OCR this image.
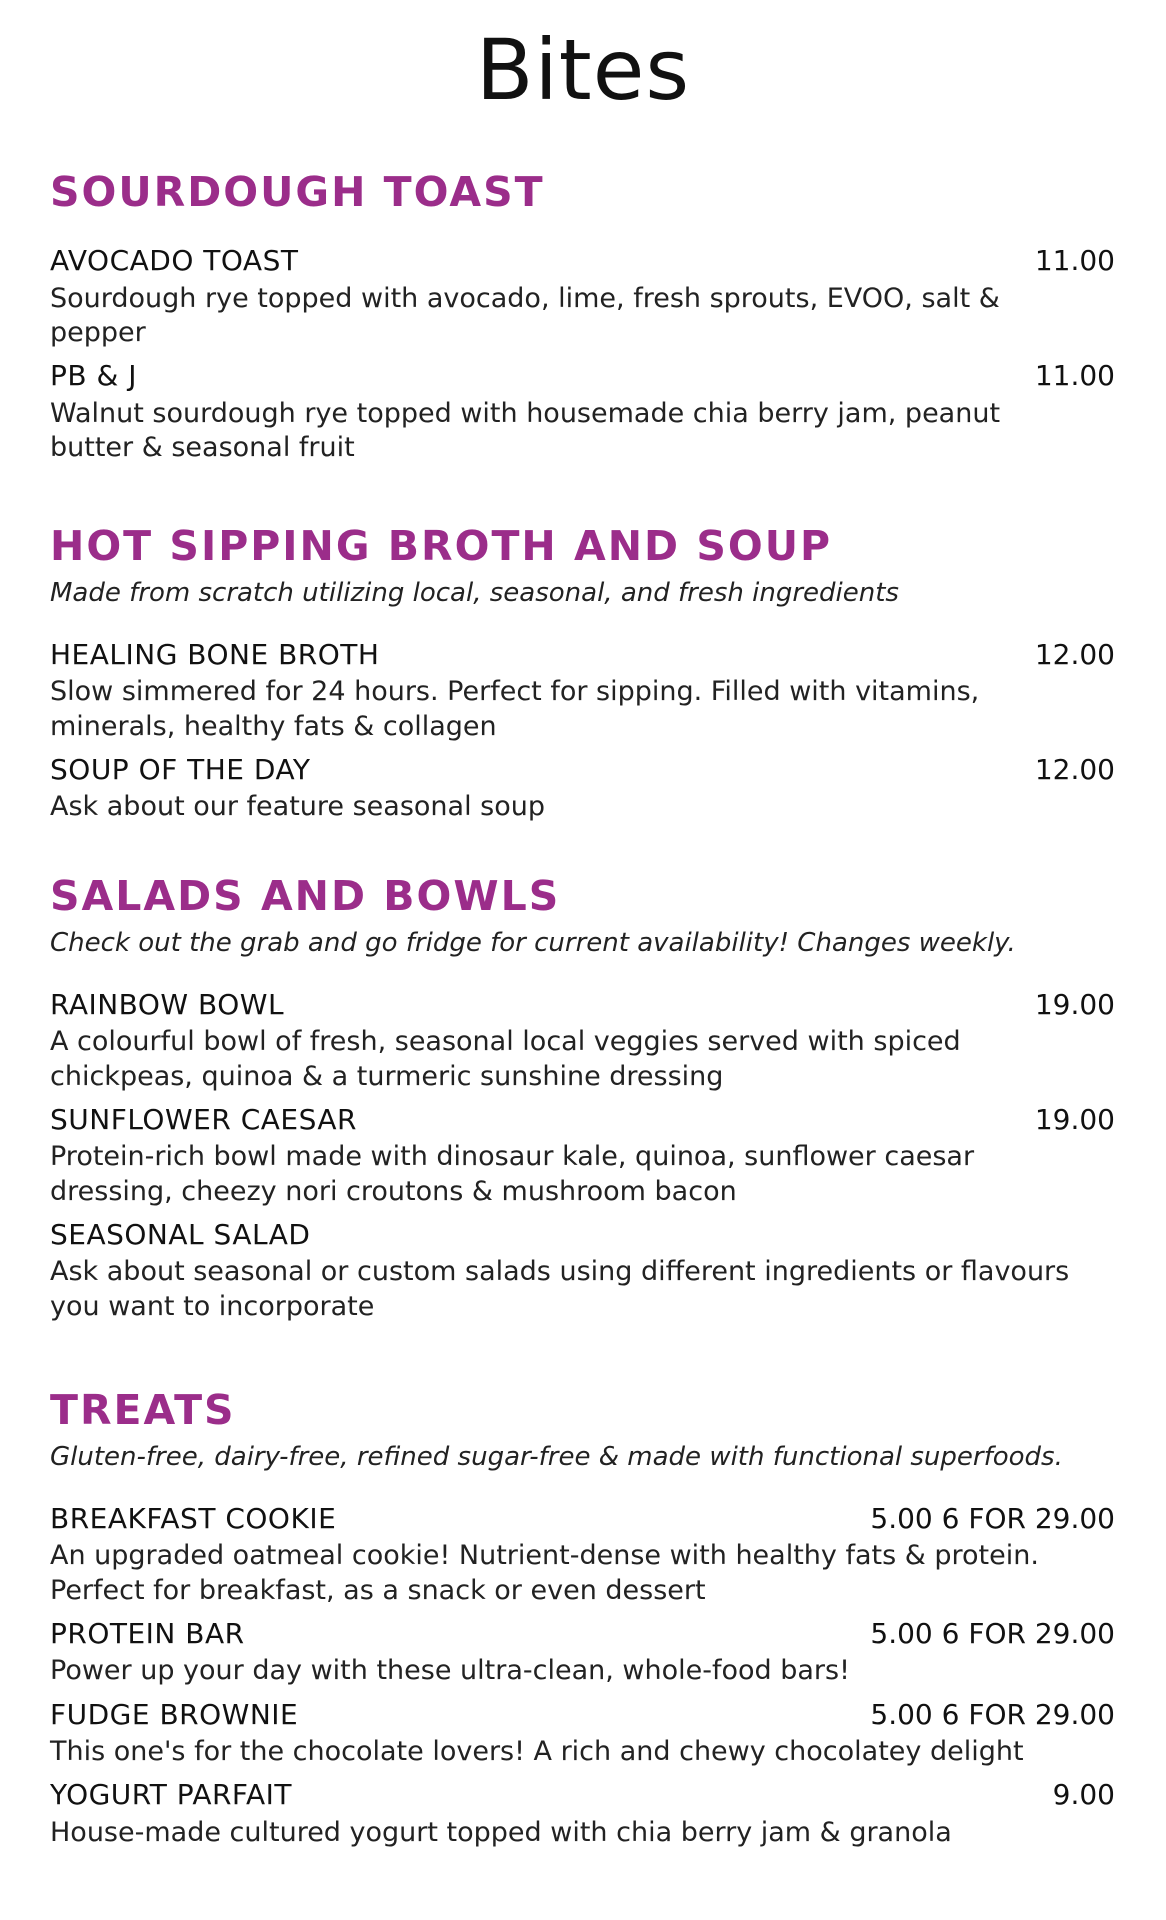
Bites
SOURDOUGH TOAST
AVOCADO TOAST	11.00
Sourdough rye topped with avocado, lime, fresh sprouts, EVOO, salt & pepper
PB & J	11.00
Walnut sourdough rye topped with housemade chia berry jam, peanut butter & seasonal fruit
HOT SIPPING BROTH AND SOUP

Made from scratch utilizing local, seasonal, and fresh ingredients

HEALING BONE BROTH	12.00
Slow simmered for 24 hours. Perfect for sipping. Filled with vitamins, minerals, healthy fats & collagen
SOUP OF THE DAY	12.00
Ask about our feature seasonal soup
SALADS AND BOWLS

Check out the grab and go fridge for current availability! Changes weekly.

RAINBOW BOWL	19.00
A colourful bowl of fresh, seasonal local veggies served with spiced chickpeas, quinoa & a turmeric sunshine dressing
SUNFLOWER CAESAR	19.00
Protein-rich bowl made with dinosaur kale, quinoa, sunflower caesar dressing, cheezy nori croutons & mushroom bacon
SEASONAL SALAD
Ask about seasonal or custom salads using different ingredients or flavours you want to incorporate
TREATS

Gluten-free, dairy-free, refined sugar-free & made with functional superfoods.

BREAKFAST COOKIE	5.00 6 FOR 29.00
An upgraded oatmeal cookie! Nutrient-dense with healthy fats & protein. Perfect for breakfast, as a snack or even dessert
PROTEIN BAR	5.00 6 FOR 29.00
Power up your day with these ultra-clean, whole-food bars!
FUDGE BROWNIE	5.00 6 FOR 29.00
This one's for the chocolate lovers! A rich and chewy chocolatey delight
YOGURT PARFAIT	9.00
House-made cultured yogurt topped with chia berry jam & granola
